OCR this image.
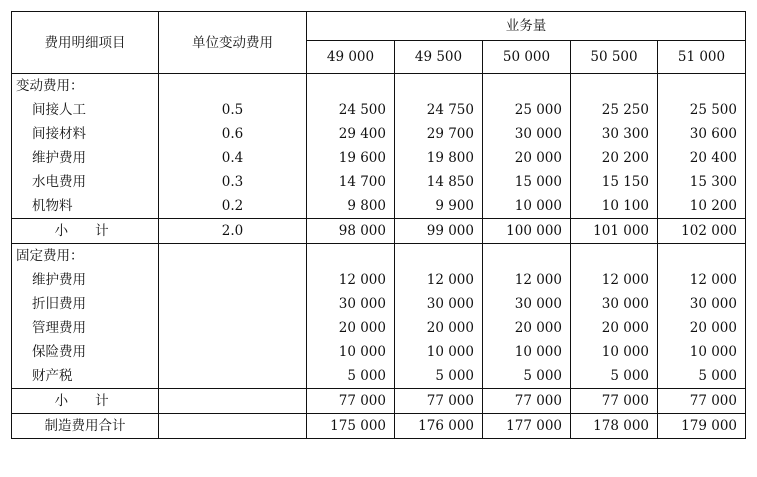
费用明细项目	单位变动费用	业务量				
		49 000	49 500	50 000	50 500	51 000
变动费用：						
间接人工	0.5	24 500	24 750	25 000	25 250	25 500
间接材料	0.6	29 400	29 700	30 000	30 300	30 600
维护费用	0.4	19 600	19 800	20 000	20 200	20 400
水电费用	0.3	14 700	14 850	15 000	15 150	15 300
机物料	0.2	9 800	9 900	10 000	10 100	10 200
小　计	2.0	98 000	99 000	100 000	101 000	102 000
固定费用：						
维护费用		12 000	12 000	12 000	12 000	12 000
折旧费用		30 000	30 000	30 000	30 000	30 000
管理费用		20 000	20 000	20 000	20 000	20 000
保险费用		10 000	10 000	10 000	10 000	10 000
财产税		5 000	5 000	5 000	5 000	5 000
小　计		77 000	77 000	77 000	77 000	77 000
制造费用合计		175 000	176 000	177 000	178 000	179 000
